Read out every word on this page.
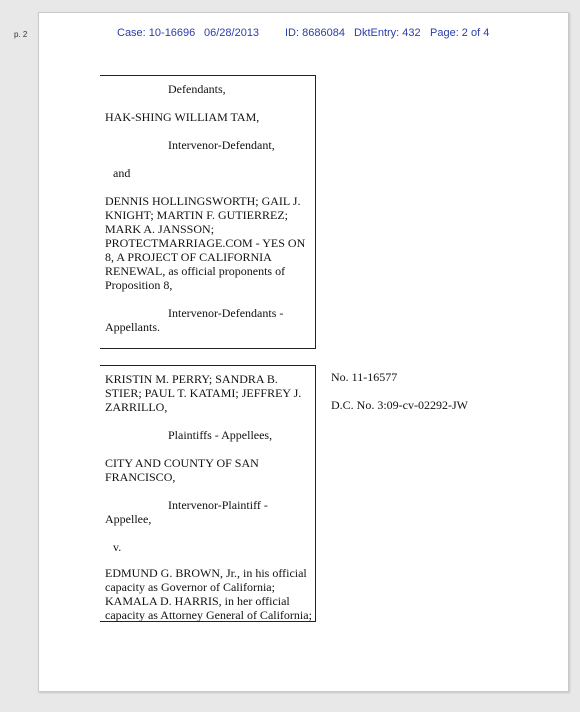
p. 2	Case: 10-16696 06/28/2013 ID: 8686084 DktEntry: 432 Page: 2 of 4
Defendants,
HAK-SHING WILLIAM TAM,
Intervenor-Defendant,
and
DENNIS HOLLINGSWORTH; GAIL J.
KNIGHT; MARTIN F. GUTIERREZ;
MARK A. JANSSON;
PROTECTMARRIAGE.COM - YES ON
8, A PROJECT OF CALIFORNIA
RENEWAL, as official proponents of
Proposition 8,
Intervenor-Defendants -
Appellants.
KRISTIN M. PERRY; SANDRA B.
STIER; PAUL T. KATAMI; JEFFREY J.
ZARRILLO,
Plaintiffs - Appellees,
CITY AND COUNTY OF SAN
FRANCISCO,
Intervenor-Plaintiff -
Appellee,
v.
EDMUND G. BROWN, Jr., in his official
capacity as Governor of California;
KAMALA D. HARRIS, in her official
capacity as Attorney General of California;
No. 11-16577
D.C. No. 3:09-cv-02292-JW
